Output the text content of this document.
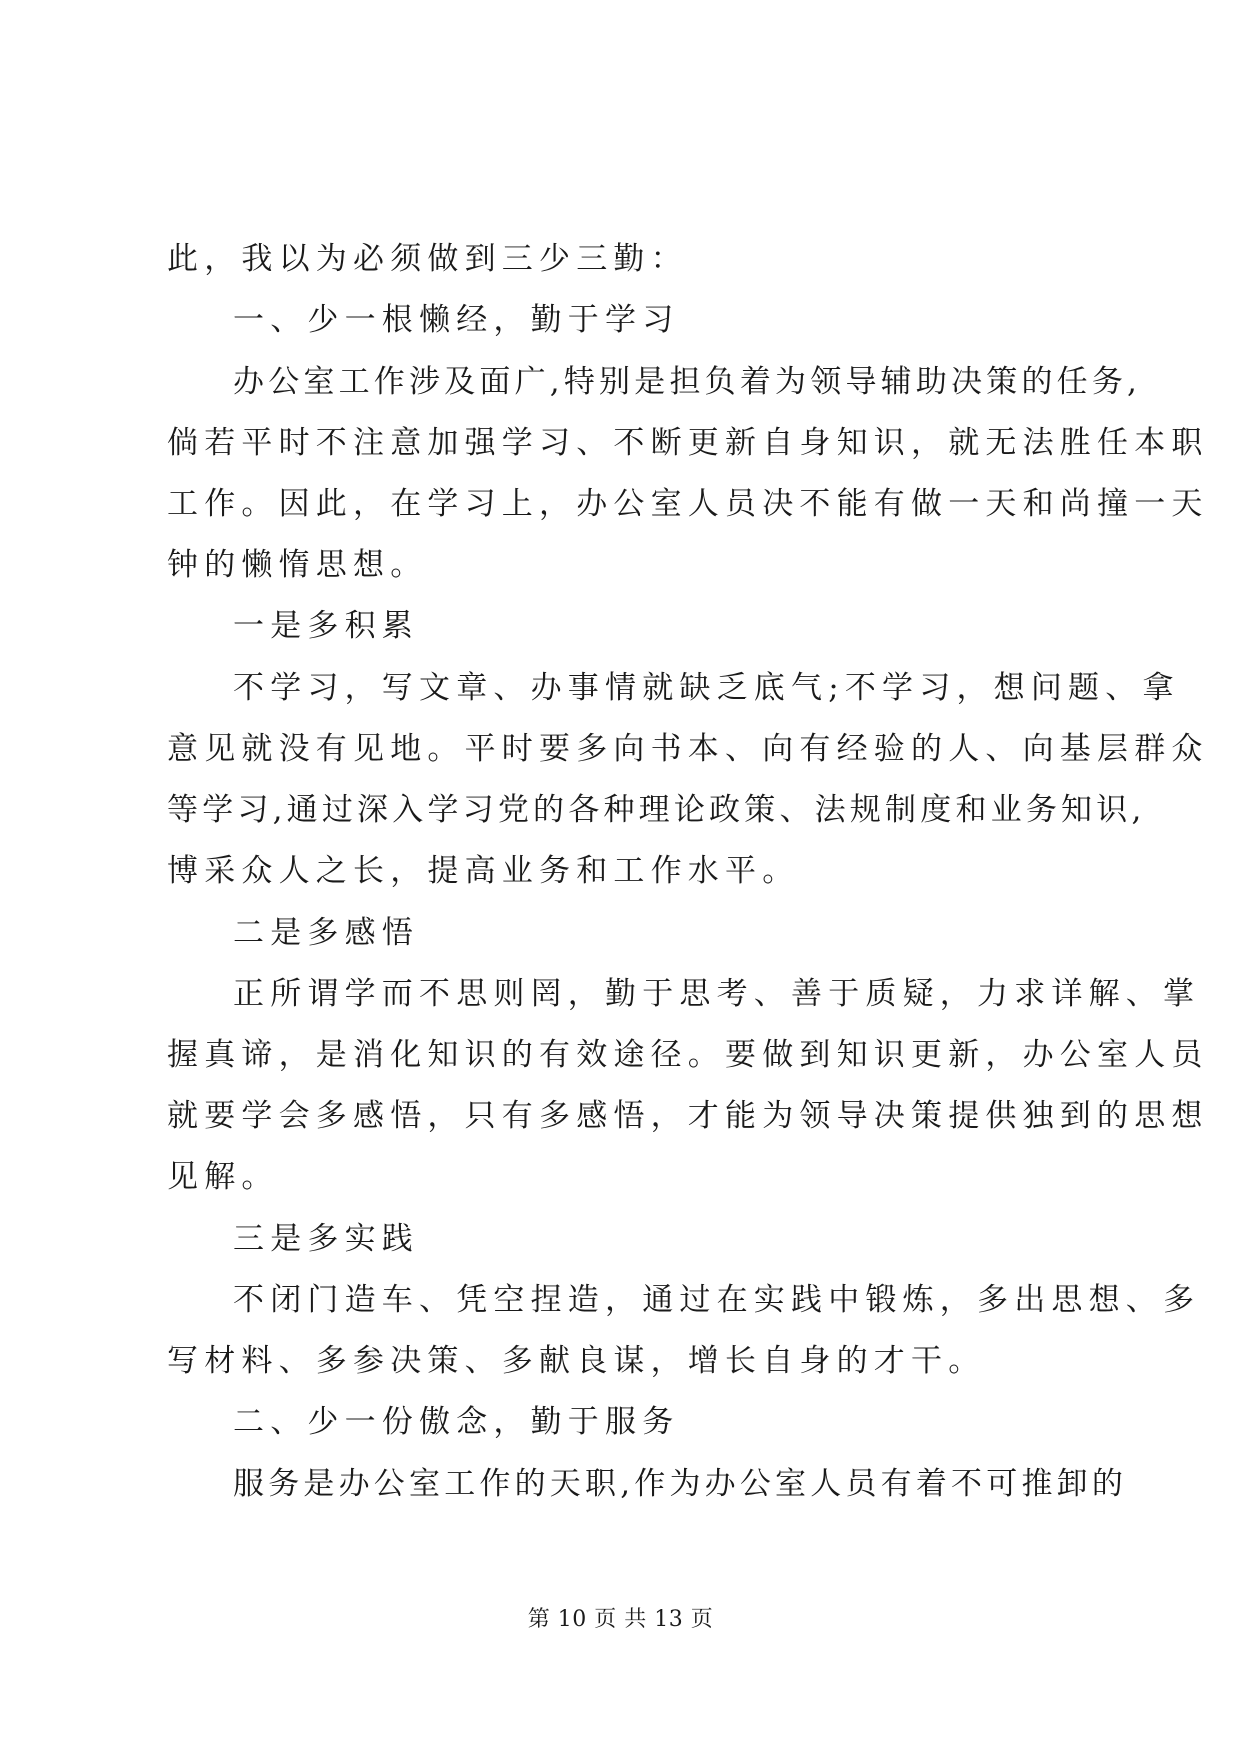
此，我以为必须做到三少三勤：
一、少一根懒经，勤于学习
办公室工作涉及面广,特别是担负着为领导辅助决策的任务,
倘若平时不注意加强学习、不断更新自身知识，就无法胜任本职
工作。因此，在学习上，办公室人员决不能有做一天和尚撞一天
钟的懒惰思想。
一是多积累
不学习，写文章、办事情就缺乏底气;不学习，想问题、拿
意见就没有见地。平时要多向书本、向有经验的人、向基层群众
等学习,通过深入学习党的各种理论政策、法规制度和业务知识,
博采众人之长，提高业务和工作水平。
二是多感悟
正所谓学而不思则罔，勤于思考、善于质疑，力求详解、掌
握真谛，是消化知识的有效途径。要做到知识更新，办公室人员
就要学会多感悟，只有多感悟，才能为领导决策提供独到的思想
见解。
三是多实践
不闭门造车、凭空捏造，通过在实践中锻炼，多出思想、多
写材料、多参决策、多献良谋，增长自身的才干。
二、少一份傲念，勤于服务
服务是办公室工作的天职,作为办公室人员有着不可推卸的
第 10 页 共 13 页
